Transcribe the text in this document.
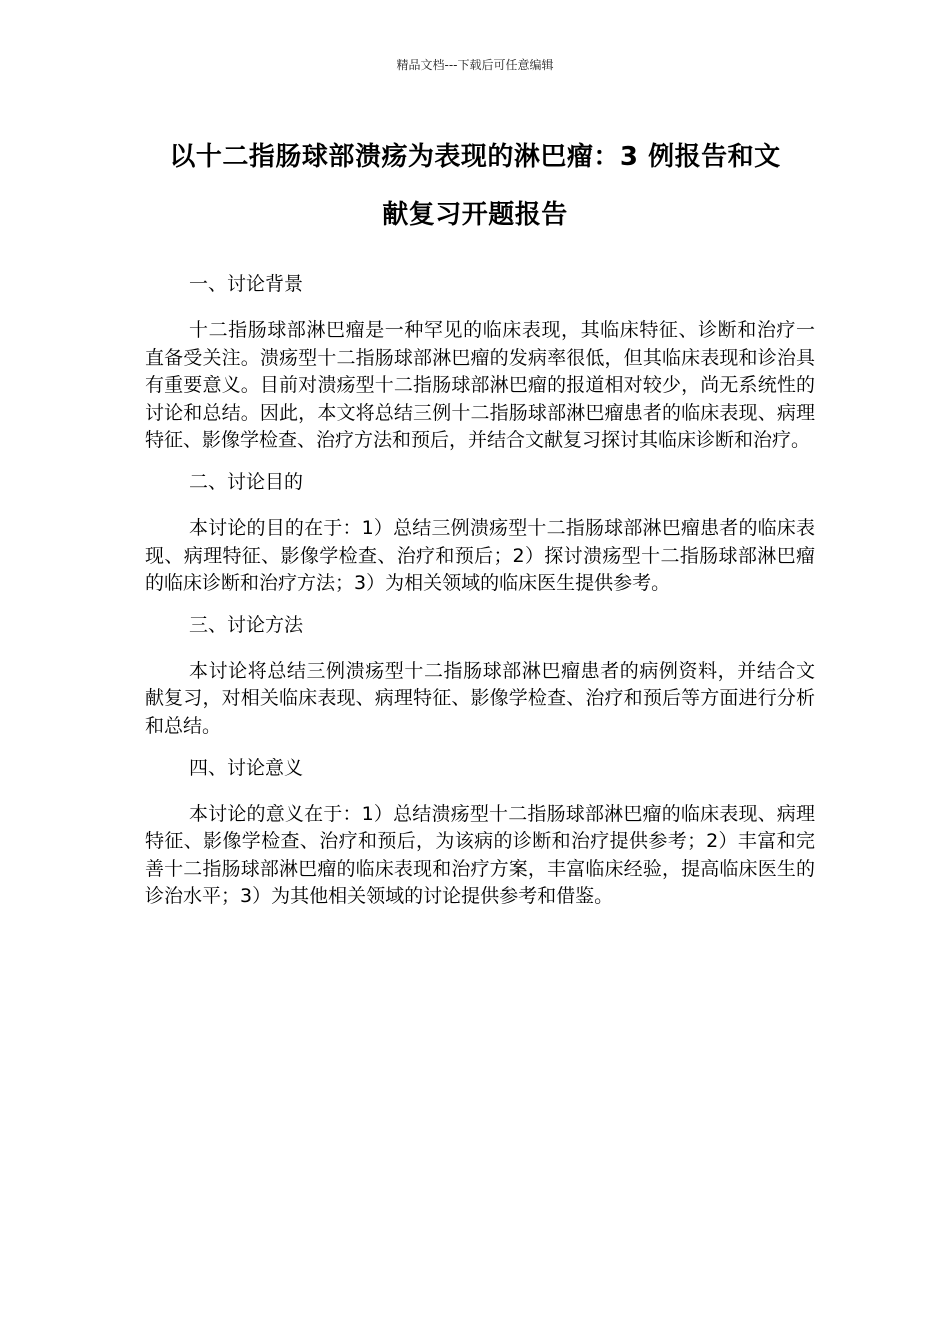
精品文档---下载后可任意编辑
以十二指肠球部溃疡为表现的淋巴瘤：3 例报告和文
献复习开题报告

一、讨论背景

十二指肠球部淋巴瘤是一种罕见的临床表现，其临床特征、诊断和治疗一直备受关注。溃疡型十二指肠球部淋巴瘤的发病率很低，但其临床表现和诊治具有重要意义。目前对溃疡型十二指肠球部淋巴瘤的报道相对较少，尚无系统性的讨论和总结。因此，本文将总结三例十二指肠球部淋巴瘤患者的临床表现、病理特征、影像学检查、治疗方法和预后，并结合文献复习探讨其临床诊断和治疗。

二、讨论目的

本讨论的目的在于：1）总结三例溃疡型十二指肠球部淋巴瘤患者的临床表现、病理特征、影像学检查、治疗和预后；2）探讨溃疡型十二指肠球部淋巴瘤的临床诊断和治疗方法；3）为相关领域的临床医生提供参考。

三、讨论方法

本讨论将总结三例溃疡型十二指肠球部淋巴瘤患者的病例资料，并结合文献复习，对相关临床表现、病理特征、影像学检查、治疗和预后等方面进行分析和总结。

四、讨论意义

本讨论的意义在于：1）总结溃疡型十二指肠球部淋巴瘤的临床表现、病理特征、影像学检查、治疗和预后，为该病的诊断和治疗提供参考；2）丰富和完善十二指肠球部淋巴瘤的临床表现和治疗方案，丰富临床经验，提高临床医生的诊治水平；3）为其他相关领域的讨论提供参考和借鉴。
